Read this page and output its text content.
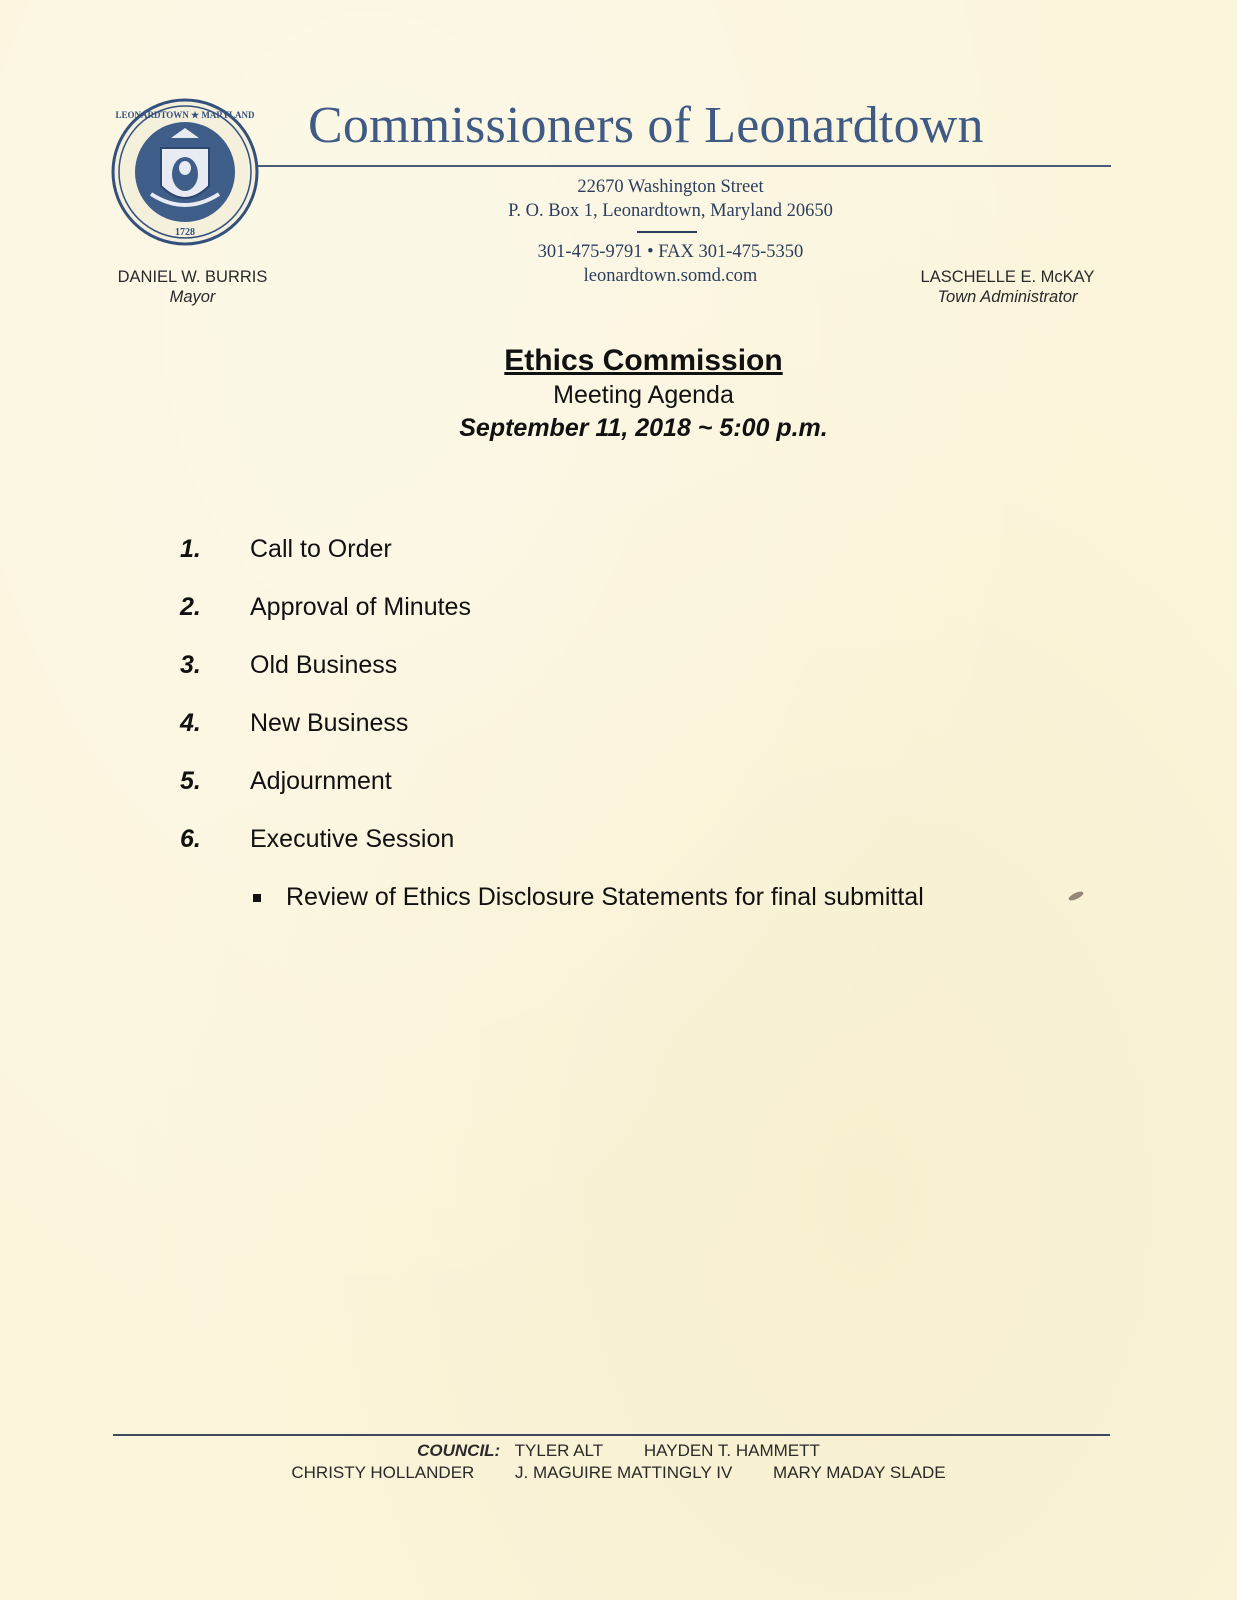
LEONARDTOWN ★ MARYLAND
1728
Commissioners of Leonardtown
22670 Washington Street
P. O. Box 1, Leonardtown, Maryland 20650
301-475-9791 • FAX 301-475-5350
leonardtown.somd.com
DANIEL W. BURRIS
Mayor
LASCHELLE E. McKAY
Town Administrator
Ethics Commission
Meeting Agenda
September 11, 2018 ~ 5:00 p.m.
1. Call to Order
2. Approval of Minutes
3. Old Business
4. New Business
5. Adjournment
6. Executive Session
Review of Ethics Disclosure Statements for final submittal
COUNCIL: TYLER ALT HAYDEN T. HAMMETT
CHRISTY HOLLANDER J. MAGUIRE MATTINGLY IV MARY MADAY SLADE
